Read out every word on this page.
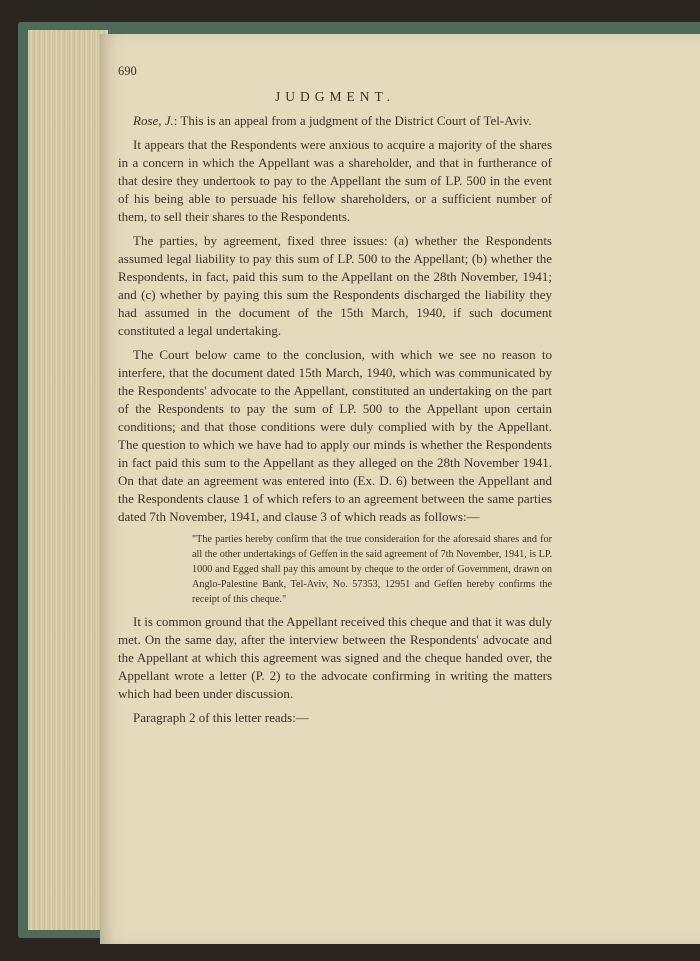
690
JUDGMENT.

Rose, J.: This is an appeal from a judgment of the District Court of Tel-Aviv.

It appears that the Respondents were anxious to acquire a majority of the shares in a concern in which the Appellant was a shareholder, and that in furtherance of that desire they undertook to pay to the Appellant the sum of LP. 500 in the event of his being able to persuade his fellow shareholders, or a sufficient number of them, to sell their shares to the Respondents.

The parties, by agreement, fixed three issues: (a) whether the Respondents assumed legal liability to pay this sum of LP. 500 to the Appellant; (b) whether the Respondents, in fact, paid this sum to the Appellant on the 28th November, 1941; and (c) whether by paying this sum the Respondents discharged the liability they had assumed in the document of the 15th March, 1940, if such document constituted a legal undertaking.

The Court below came to the conclusion, with which we see no reason to interfere, that the document dated 15th March, 1940, which was communicated by the Respondents' advocate to the Appellant, constituted an undertaking on the part of the Respondents to pay the sum of LP. 500 to the Appellant upon certain conditions; and that those conditions were duly complied with by the Appellant. The question to which we have had to apply our minds is whether the Respondents in fact paid this sum to the Appellant as they alleged on the 28th November 1941. On that date an agreement was entered into (Ex. D. 6) between the Appellant and the Respondents clause 1 of which refers to an agreement between the same parties dated 7th November, 1941, and clause 3 of which reads as follows:—

"The parties hereby confirm that the true consideration for the aforesaid shares and for all the other undertakings of Geffen in the said agreement of 7th November, 1941, is LP. 1000 and Egged shall pay this amount by cheque to the order of Government, drawn on Anglo-Palestine Bank, Tel-Aviv, No. 57353, 12951 and Geffen hereby confirms the receipt of this cheque."

It is common ground that the Appellant received this cheque and that it was duly met. On the same day, after the interview between the Respondents' advocate and the Appellant at which this agreement was signed and the cheque handed over, the Appellant wrote a letter (P. 2) to the advocate confirming in writing the matters which had been under discussion.

Paragraph 2 of this letter reads:—
